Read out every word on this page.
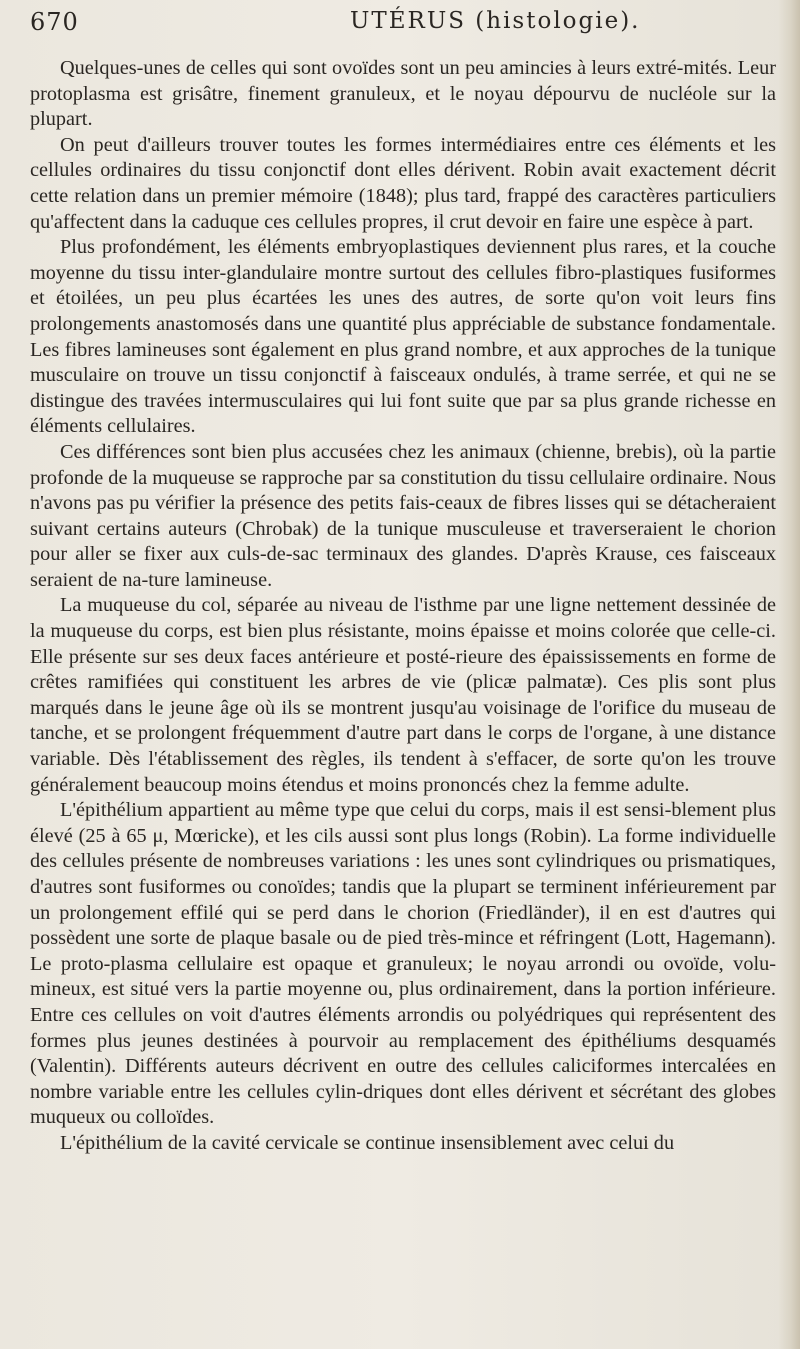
670	UTÉRUS (histologie).

Quelques-unes de celles qui sont ovoïdes sont un peu amincies à leurs extré-mités. Leur protoplasma est grisâtre, finement granuleux, et le noyau dépourvu de nucléole sur la plupart.

On peut d'ailleurs trouver toutes les formes intermédiaires entre ces éléments et les cellules ordinaires du tissu conjonctif dont elles dérivent. Robin avait exactement décrit cette relation dans un premier mémoire (1848); plus tard, frappé des caractères particuliers qu'affectent dans la caduque ces cellules propres, il crut devoir en faire une espèce à part.

Plus profondément, les éléments embryoplastiques deviennent plus rares, et la couche moyenne du tissu inter-glandulaire montre surtout des cellules fibro-plastiques fusiformes et étoilées, un peu plus écartées les unes des autres, de sorte qu'on voit leurs fins prolongements anastomosés dans une quantité plus appréciable de substance fondamentale. Les fibres lamineuses sont également en plus grand nombre, et aux approches de la tunique musculaire on trouve un tissu conjonctif à faisceaux ondulés, à trame serrée, et qui ne se distingue des travées intermusculaires qui lui font suite que par sa plus grande richesse en éléments cellulaires.

Ces différences sont bien plus accusées chez les animaux (chienne, brebis), où la partie profonde de la muqueuse se rapproche par sa constitution du tissu cellulaire ordinaire. Nous n'avons pas pu vérifier la présence des petits fais-ceaux de fibres lisses qui se détacheraient suivant certains auteurs (Chrobak) de la tunique musculeuse et traverseraient le chorion pour aller se fixer aux culs-de-sac terminaux des glandes. D'après Krause, ces faisceaux seraient de na-ture lamineuse.

La muqueuse du col, séparée au niveau de l'isthme par une ligne nettement dessinée de la muqueuse du corps, est bien plus résistante, moins épaisse et moins colorée que celle-ci. Elle présente sur ses deux faces antérieure et posté-rieure des épaississements en forme de crêtes ramifiées qui constituent les arbres de vie (plicæ palmatæ). Ces plis sont plus marqués dans le jeune âge où ils se montrent jusqu'au voisinage de l'orifice du museau de tanche, et se prolongent fréquemment d'autre part dans le corps de l'organe, à une distance variable. Dès l'établissement des règles, ils tendent à s'effacer, de sorte qu'on les trouve généralement beaucoup moins étendus et moins prononcés chez la femme adulte.

L'épithélium appartient au même type que celui du corps, mais il est sensi-blement plus élevé (25 à 65 μ, Mœricke), et les cils aussi sont plus longs (Robin). La forme individuelle des cellules présente de nombreuses variations : les unes sont cylindriques ou prismatiques, d'autres sont fusiformes ou conoïdes; tandis que la plupart se terminent inférieurement par un prolongement effilé qui se perd dans le chorion (Friedländer), il en est d'autres qui possèdent une sorte de plaque basale ou de pied très-mince et réfringent (Lott, Hagemann). Le proto-plasma cellulaire est opaque et granuleux; le noyau arrondi ou ovoïde, volu-mineux, est situé vers la partie moyenne ou, plus ordinairement, dans la portion inférieure. Entre ces cellules on voit d'autres éléments arrondis ou polyédriques qui représentent des formes plus jeunes destinées à pourvoir au remplacement des épithéliums desquamés (Valentin). Différents auteurs décrivent en outre des cellules caliciformes intercalées en nombre variable entre les cellules cylin-driques dont elles dérivent et sécrétant des globes muqueux ou colloïdes.

L'épithélium de la cavité cervicale se continue insensiblement avec celui du
